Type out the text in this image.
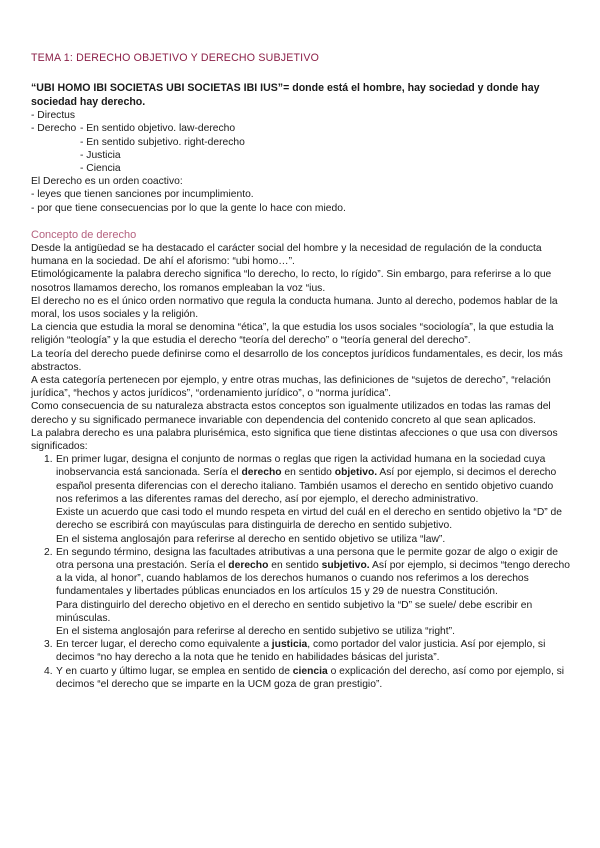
TEMA 1: DERECHO OBJETIVO Y DERECHO SUBJETIVO

“UBI HOMO IBI SOCIETAS UBI SOCIETAS IBI IUS”= donde está el hombre, hay sociedad y donde hay sociedad hay derecho.

- Directus

- Derecho - En sentido objetivo. law-derecho

- En sentido subjetivo. right-derecho

- Justicia

- Ciencia

El Derecho es un orden coactivo:

- leyes que tienen sanciones por incumplimiento.

- por que tiene consecuencias por lo que la gente lo hace con miedo.

Concepto de derecho

Desde la antigüedad se ha destacado el carácter social del hombre y la necesidad de regulación de la conducta humana en la sociedad. De ahí el aforismo: “ubi homo…”.

Etimológicamente la palabra derecho significa “lo derecho, lo recto, lo rígido”. Sin embargo, para referirse a lo que nosotros llamamos derecho, los romanos empleaban la voz “ius.

El derecho no es el único orden normativo que regula la conducta humana. Junto al derecho, podemos hablar de la moral, los usos sociales y la religión.

La ciencia que estudia la moral se denomina “ética”, la que estudia los usos sociales “sociología”, la que estudia la religión “teología” y la que estudia el derecho “teoría del derecho” o “teoría general del derecho”.

La teoría del derecho puede definirse como el desarrollo de los conceptos jurídicos fundamentales, es decir, los más abstractos.

A esta categoría pertenecen por ejemplo, y entre otras muchas, las definiciones de “sujetos de derecho”, “relación jurídica”, “hechos y actos jurídicos”, “ordenamiento jurídico”, o “norma jurídica”.

Como consecuencia de su naturaleza abstracta estos conceptos son igualmente utilizados en todas las ramas del derecho y su significado permanece invariable con dependencia del contenido concreto al que sean aplicados.

La palabra derecho es una palabra plurisémica, esto significa que tiene distintas afecciones o que usa con diversos significados:

1. En primer lugar, designa el conjunto de normas o reglas que rigen la actividad humana en la sociedad cuya inobservancia está sancionada. Sería el derecho en sentido objetivo. Así por ejemplo, si decimos el derecho español presenta diferencias con el derecho italiano. También usamos el derecho en sentido objetivo cuando nos referimos a las diferentes ramas del derecho, así por ejemplo, el derecho administrativo.

Existe un acuerdo que casi todo el mundo respeta en virtud del cuál en el derecho en sentido objetivo la “D” de derecho se escribirá con mayúsculas para distinguirla de derecho en sentido subjetivo.

En el sistema anglosajón para referirse al derecho en sentido objetivo se utiliza “law”.

2. En segundo término, designa las facultades atributivas a una persona que le permite gozar de algo o exigir de otra persona una prestación. Sería el derecho en sentido subjetivo. Así por ejemplo, si decimos “tengo derecho a la vida, al honor”, cuando hablamos de los derechos humanos o cuando nos referimos a los derechos fundamentales y libertades públicas enunciados en los artículos 15 y 29 de nuestra Constitución.

Para distinguirlo del derecho objetivo en el derecho en sentido subjetivo la “D” se suele/ debe escribir en minúsculas.

En el sistema anglosajón para referirse al derecho en sentido subjetivo se utiliza “right”.

3. En tercer lugar, el derecho como equivalente a justicia, como portador del valor justicia. Así por ejemplo, si decimos “no hay derecho a la nota que he tenido en habilidades básicas del jurista”.

4. Y en cuarto y último lugar, se emplea en sentido de ciencia o explicación del derecho, así como por ejemplo, si decimos “el derecho que se imparte en la UCM goza de gran prestigio”.
